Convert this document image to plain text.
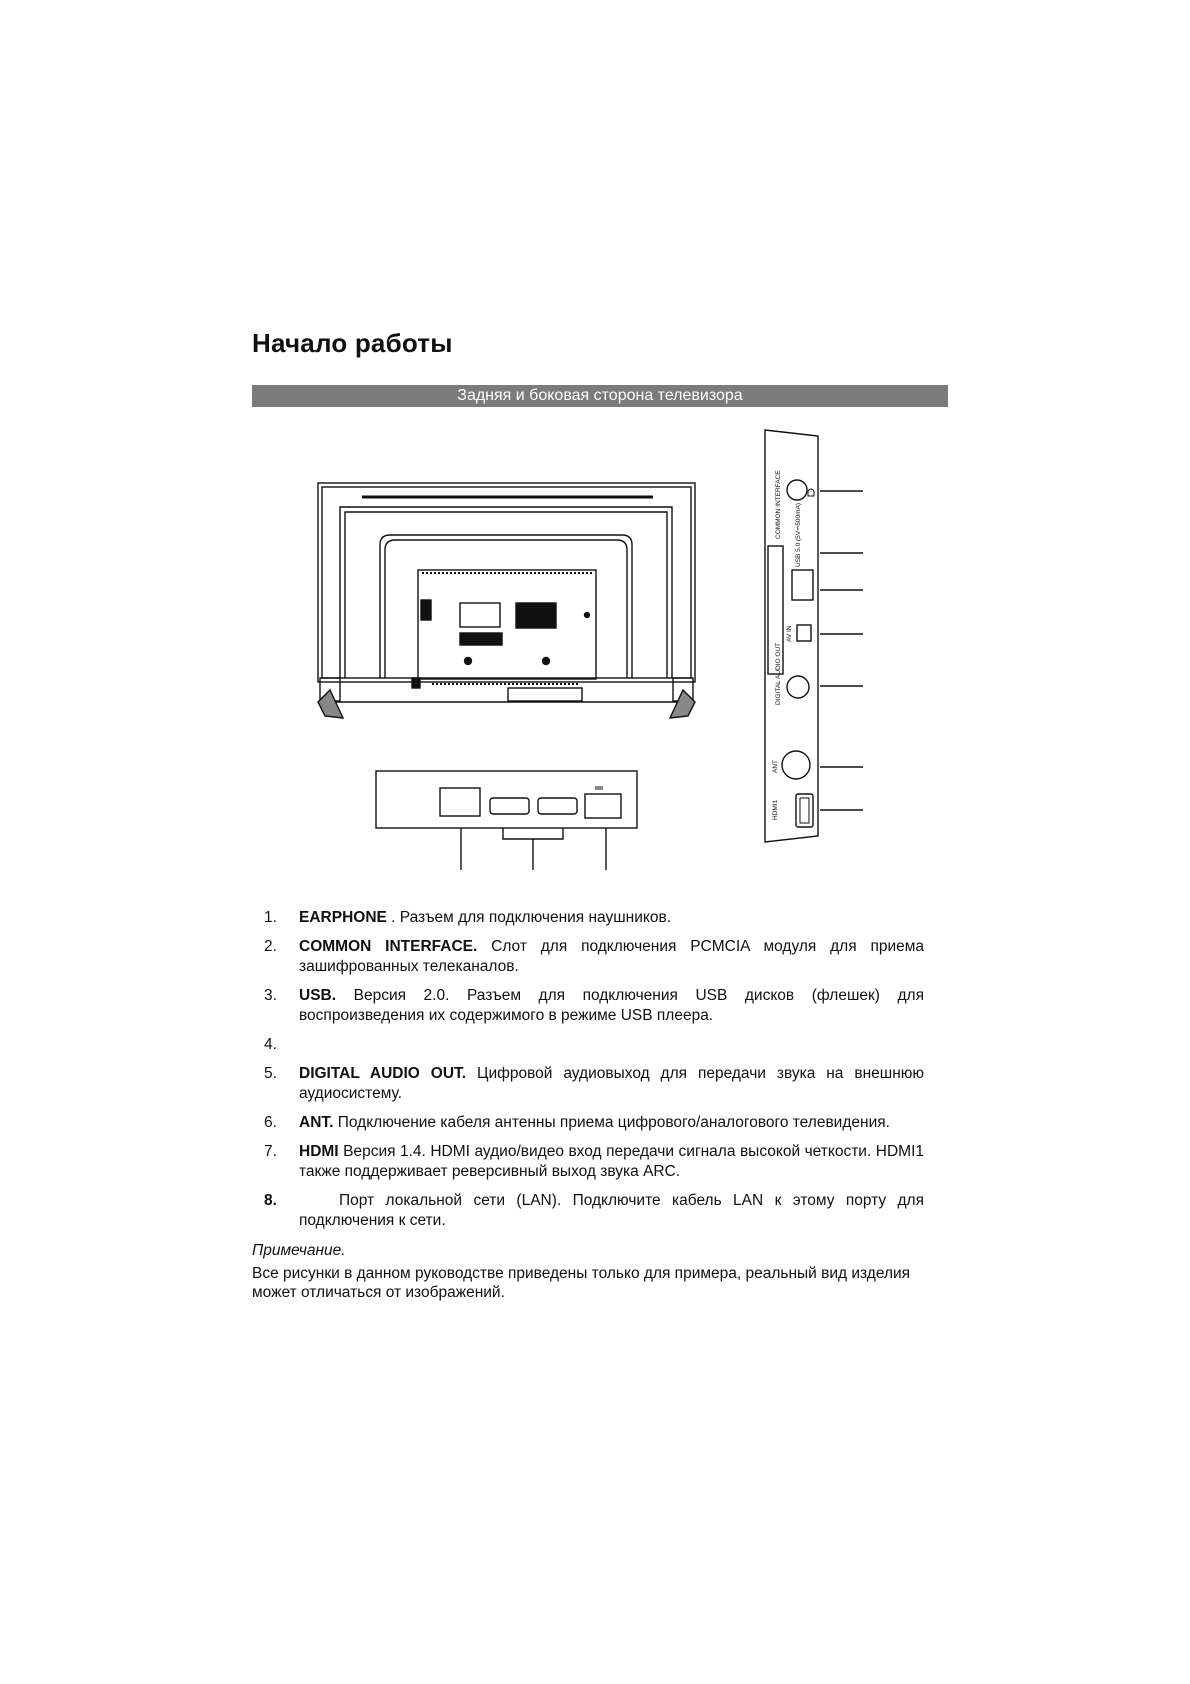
Начало работы
Задняя и боковая сторона телевизора
COMMON INTERFACE USB 5.0 (5V⎓500mA)
AV IN
DIGITAL AUDIO OUT
ANT
HDMI1
1. EARPHONE . Разъем для подключения наушников.
2. COMMON INTERFACE. Слот для подключения PCMCIA модуля для приема зашифрованных телеканалов.
3. USB. Версия 2.0. Разъем для подключения USB дисков (флешек) для воспроизведения их содержимого в режиме USB плеера.
4.
5. DIGITAL AUDIO OUT. Цифровой аудиовыход для передачи звука на внешнюю аудиосистему.
6. ANT. Подключение кабеля антенны приема цифрового/аналогового телевидения.
7. HDMI Версия 1.4. HDMI аудио/видео вход передачи сигнала высокой четкости. HDMI1 также поддерживает реверсивный выход звука ARC.
8.	Порт локальной сети (LAN). Подключите кабель LAN к этому порту для подключения к сети.
Примечание.
Все рисунки в данном руководстве приведены только для примера, реальный вид изделия может отличаться от изображений.
